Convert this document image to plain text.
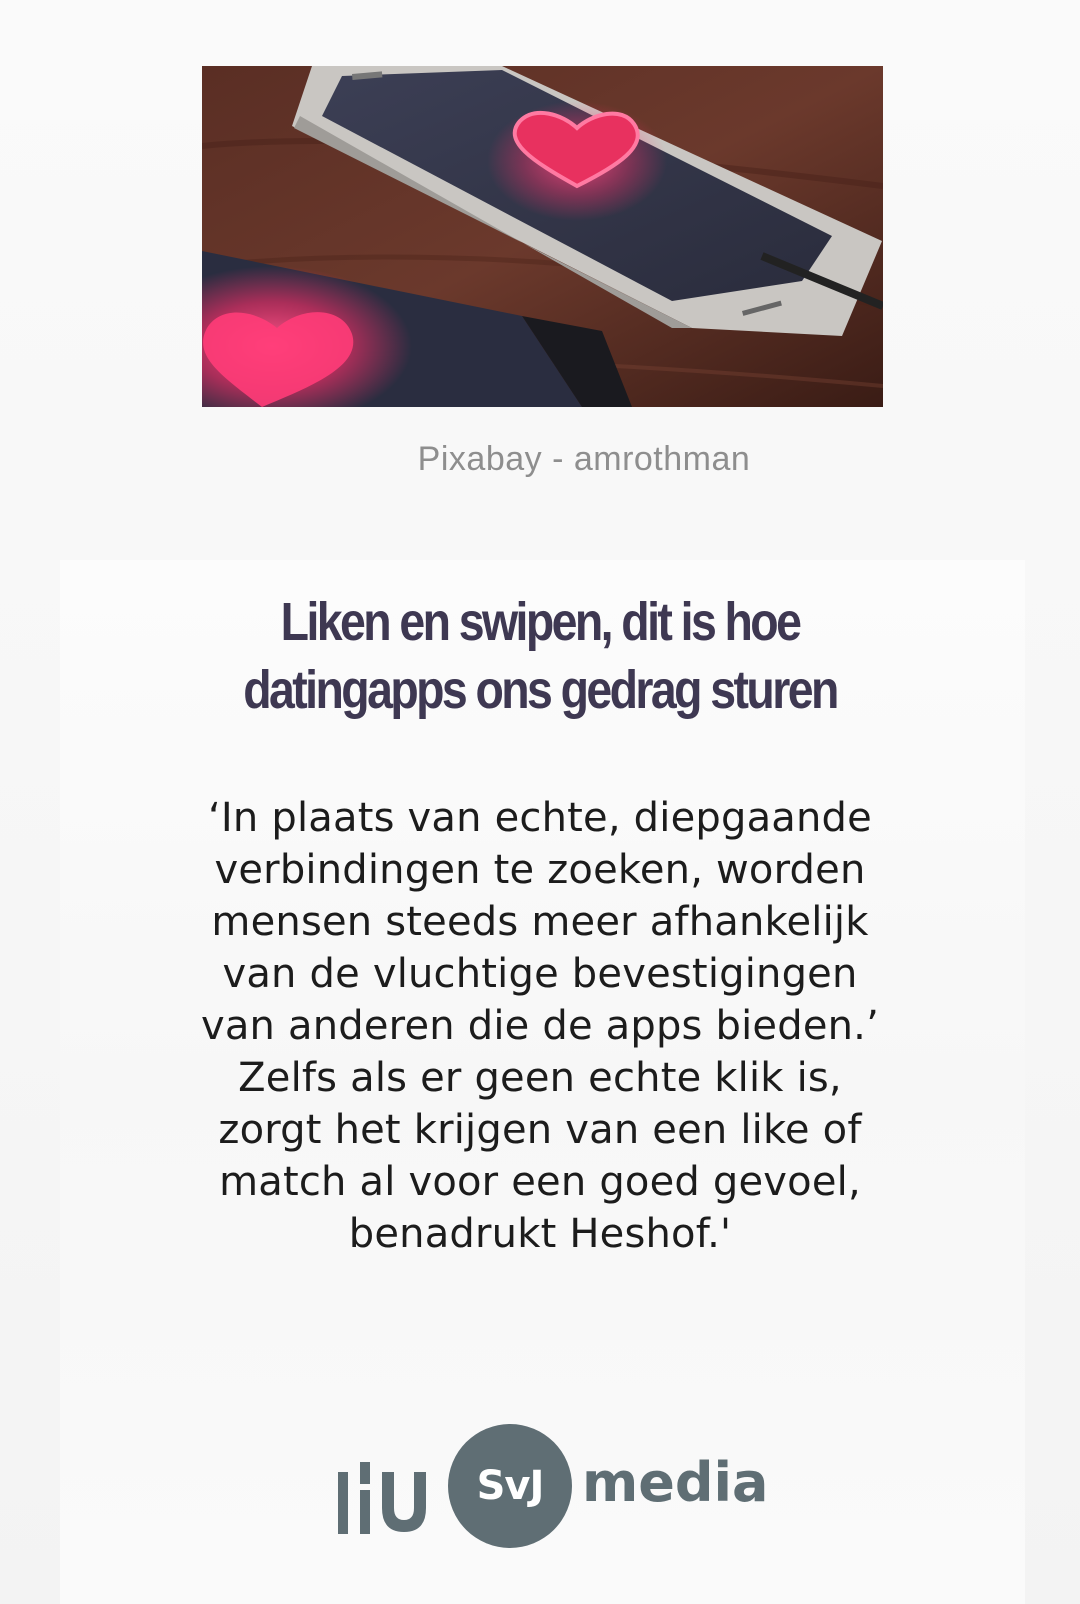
Pixabay - amrothman
Liken en swipen, dit is hoe datingapps ons gedrag sturen

‘In plaats van echte, diepgaande verbindingen te zoeken, worden mensen steeds meer afhankelijk van de vluchtige bevestigingen van anderen die de apps bieden.’ Zelfs als er geen echte klik is, zorgt het krijgen van een like of match al voor een goed gevoel, benadrukt Heshof.'

SvJ media
